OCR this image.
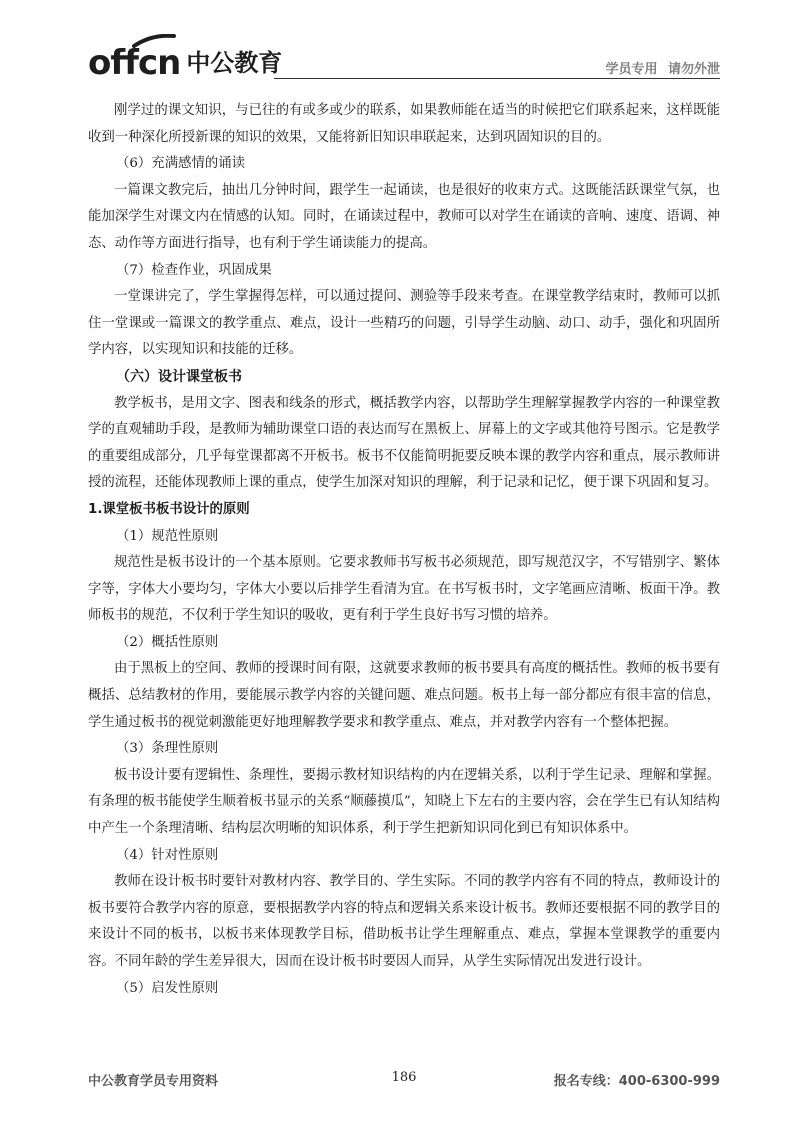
offcn 中公教育	学员专用 请勿外泄

刚学过的课文知识，与已往的有或多或少的联系，如果教师能在适当的时候把它们联系起来，这样既能收到一种深化所授新课的知识的效果，又能将新旧知识串联起来，达到巩固知识的目的。

（6）充满感情的诵读

一篇课文教完后，抽出几分钟时间，跟学生一起诵读，也是很好的收束方式。这既能活跃课堂气氛，也能加深学生对课文内在情感的认知。同时，在诵读过程中，教师可以对学生在诵读的音响、速度、语调、神态、动作等方面进行指导，也有利于学生诵读能力的提高。

（7）检查作业，巩固成果

一堂课讲完了，学生掌握得怎样，可以通过提问、测验等手段来考查。在课堂教学结束时，教师可以抓住一堂课或一篇课文的教学重点、难点，设计一些精巧的问题，引导学生动脑、动口、动手，强化和巩固所学内容，以实现知识和技能的迁移。

（六）设计课堂板书

教学板书，是用文字、图表和线条的形式，概括教学内容，以帮助学生理解掌握教学内容的一种课堂教学的直观辅助手段，是教师为辅助课堂口语的表达而写在黑板上、屏幕上的文字或其他符号图示。它是教学的重要组成部分，几乎每堂课都离不开板书。板书不仅能简明扼要反映本课的教学内容和重点，展示教师讲授的流程，还能体现教师上课的重点，使学生加深对知识的理解，利于记录和记忆，便于课下巩固和复习。

1.课堂板书板书设计的原则

（1）规范性原则

规范性是板书设计的一个基本原则。它要求教师书写板书必须规范，即写规范汉字，不写错别字、繁体字等，字体大小要均匀，字体大小要以后排学生看清为宜。在书写板书时，文字笔画应清晰、板面干净。教师板书的规范，不仅利于学生知识的吸收，更有利于学生良好书写习惯的培养。

（2）概括性原则

由于黑板上的空间、教师的授课时间有限，这就要求教师的板书要具有高度的概括性。教师的板书要有概括、总结教材的作用，要能展示教学内容的关键问题、难点问题。板书上每一部分都应有很丰富的信息，学生通过板书的视觉刺激能更好地理解教学要求和教学重点、难点，并对教学内容有一个整体把握。

（3）条理性原则

板书设计要有逻辑性、条理性，要揭示教材知识结构的内在逻辑关系，以利于学生记录、理解和掌握。有条理的板书能使学生顺着板书显示的关系“顺藤摸瓜”，知晓上下左右的主要内容，会在学生已有认知结构中产生一个条理清晰、结构层次明晰的知识体系，利于学生把新知识同化到已有知识体系中。

（4）针对性原则

教师在设计板书时要针对教材内容、教学目的、学生实际。不同的教学内容有不同的特点，教师设计的板书要符合教学内容的原意，要根据教学内容的特点和逻辑关系来设计板书。教师还要根据不同的教学目的来设计不同的板书，以板书来体现教学目标，借助板书让学生理解重点、难点，掌握本堂课教学的重要内容。不同年龄的学生差异很大，因而在设计板书时要因人而异，从学生实际情况出发进行设计。

（5）启发性原则

中公教育学员专用资料	186	报名专线：400-6300-999
